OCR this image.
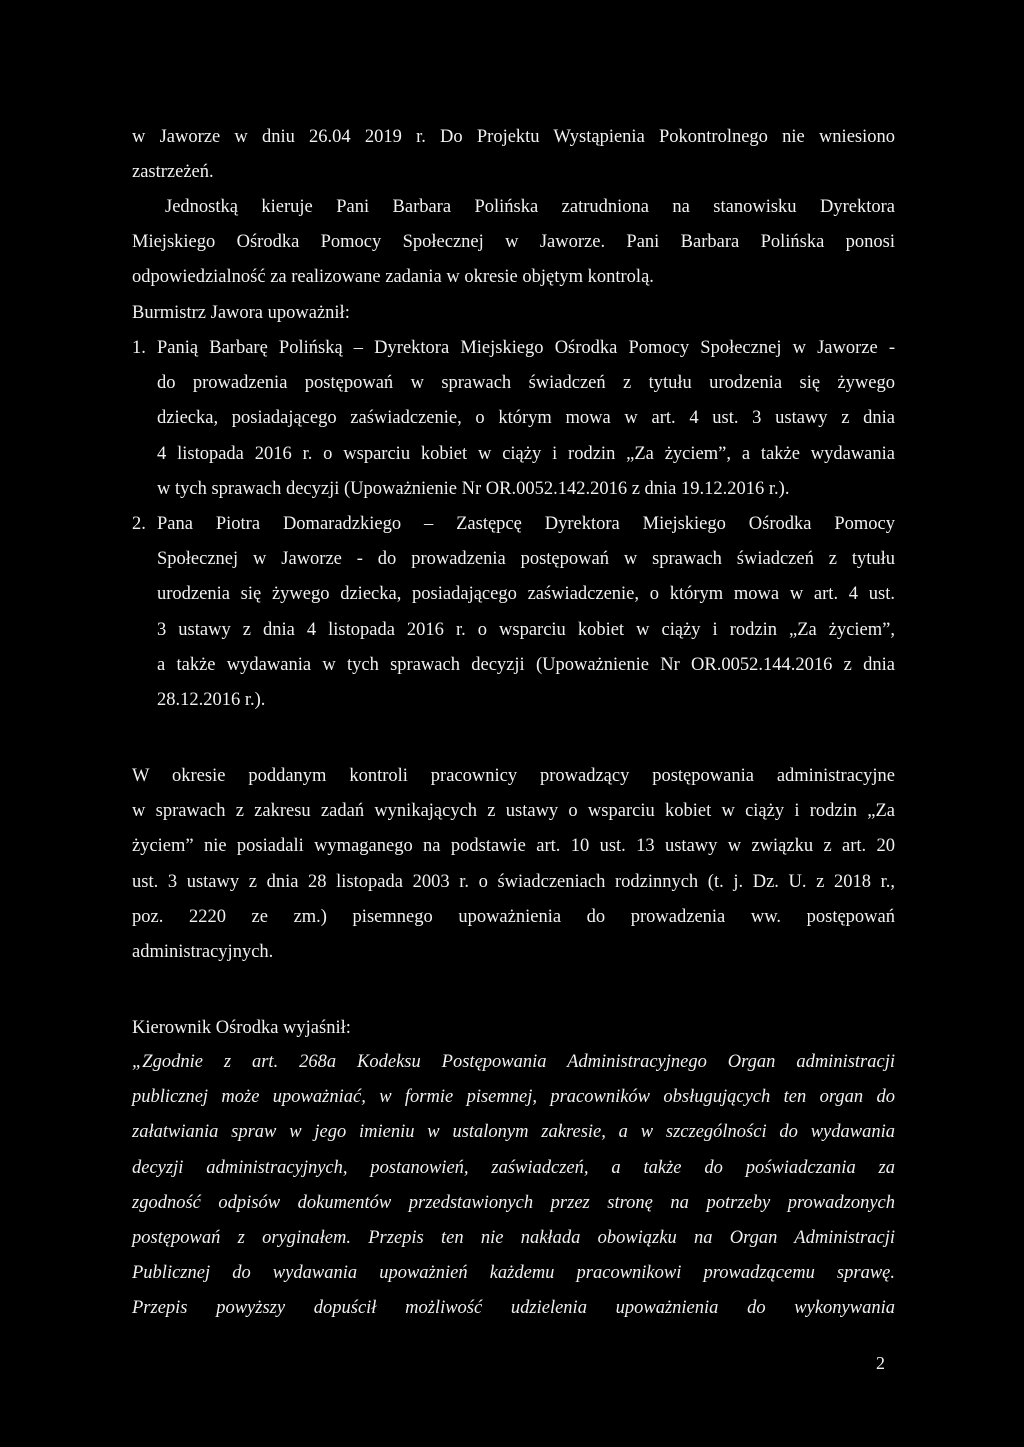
w Jaworze w dniu 26.04 2019 r. Do Projektu Wystąpienia Pokontrolnego nie wniesiono
zastrzeżeń.
Jednostką kieruje Pani Barbara Polińska zatrudniona na stanowisku Dyrektora
Miejskiego Ośrodka Pomocy Społecznej w Jaworze. Pani Barbara Polińska ponosi
odpowiedzialność za realizowane zadania w okresie objętym kontrolą.
Burmistrz Jawora upoważnił:
1. Panią Barbarę Polińską – Dyrektora Miejskiego Ośrodka Pomocy Społecznej w Jaworze -
do prowadzenia postępowań w sprawach świadczeń z tytułu urodzenia się żywego
dziecka, posiadającego zaświadczenie, o którym mowa w art. 4 ust. 3 ustawy z dnia
4 listopada 2016 r. o wsparciu kobiet w ciąży i rodzin „Za życiem”, a także wydawania
w tych sprawach decyzji (Upoważnienie Nr OR.0052.142.2016 z dnia 19.12.2016 r.).
2. Pana Piotra Domaradzkiego – Zastępcę Dyrektora Miejskiego Ośrodka Pomocy
Społecznej w Jaworze - do prowadzenia postępowań w sprawach świadczeń z tytułu
urodzenia się żywego dziecka, posiadającego zaświadczenie, o którym mowa w art. 4 ust.
3 ustawy z dnia 4 listopada 2016 r. o wsparciu kobiet w ciąży i rodzin „Za życiem”,
a także wydawania w tych sprawach decyzji (Upoważnienie Nr OR.0052.144.2016 z dnia
28.12.2016 r.).
W okresie poddanym kontroli pracownicy prowadzący postępowania administracyjne
w sprawach z zakresu zadań wynikających z ustawy o wsparciu kobiet w ciąży i rodzin „Za
życiem” nie posiadali wymaganego na podstawie art. 10 ust. 13 ustawy w związku z art. 20
ust. 3 ustawy z dnia 28 listopada 2003 r. o świadczeniach rodzinnych (t. j. Dz. U. z 2018 r.,
poz. 2220 ze zm.) pisemnego upoważnienia do prowadzenia ww. postępowań
administracyjnych.
Kierownik Ośrodka wyjaśnił:
„Zgodnie z art. 268a Kodeksu Postępowania Administracyjnego Organ administracji
publicznej może upoważniać, w formie pisemnej, pracowników obsługujących ten organ do
załatwiania spraw w jego imieniu w ustalonym zakresie, a w szczególności do wydawania
decyzji administracyjnych, postanowień, zaświadczeń, a także do poświadczania za
zgodność odpisów dokumentów przedstawionych przez stronę na potrzeby prowadzonych
postępowań z oryginałem. Przepis ten nie nakłada obowiązku na Organ Administracji
Publicznej do wydawania upoważnień każdemu pracownikowi prowadzącemu sprawę.
Przepis powyższy dopuścił możliwość udzielenia upoważnienia do wykonywania
2
